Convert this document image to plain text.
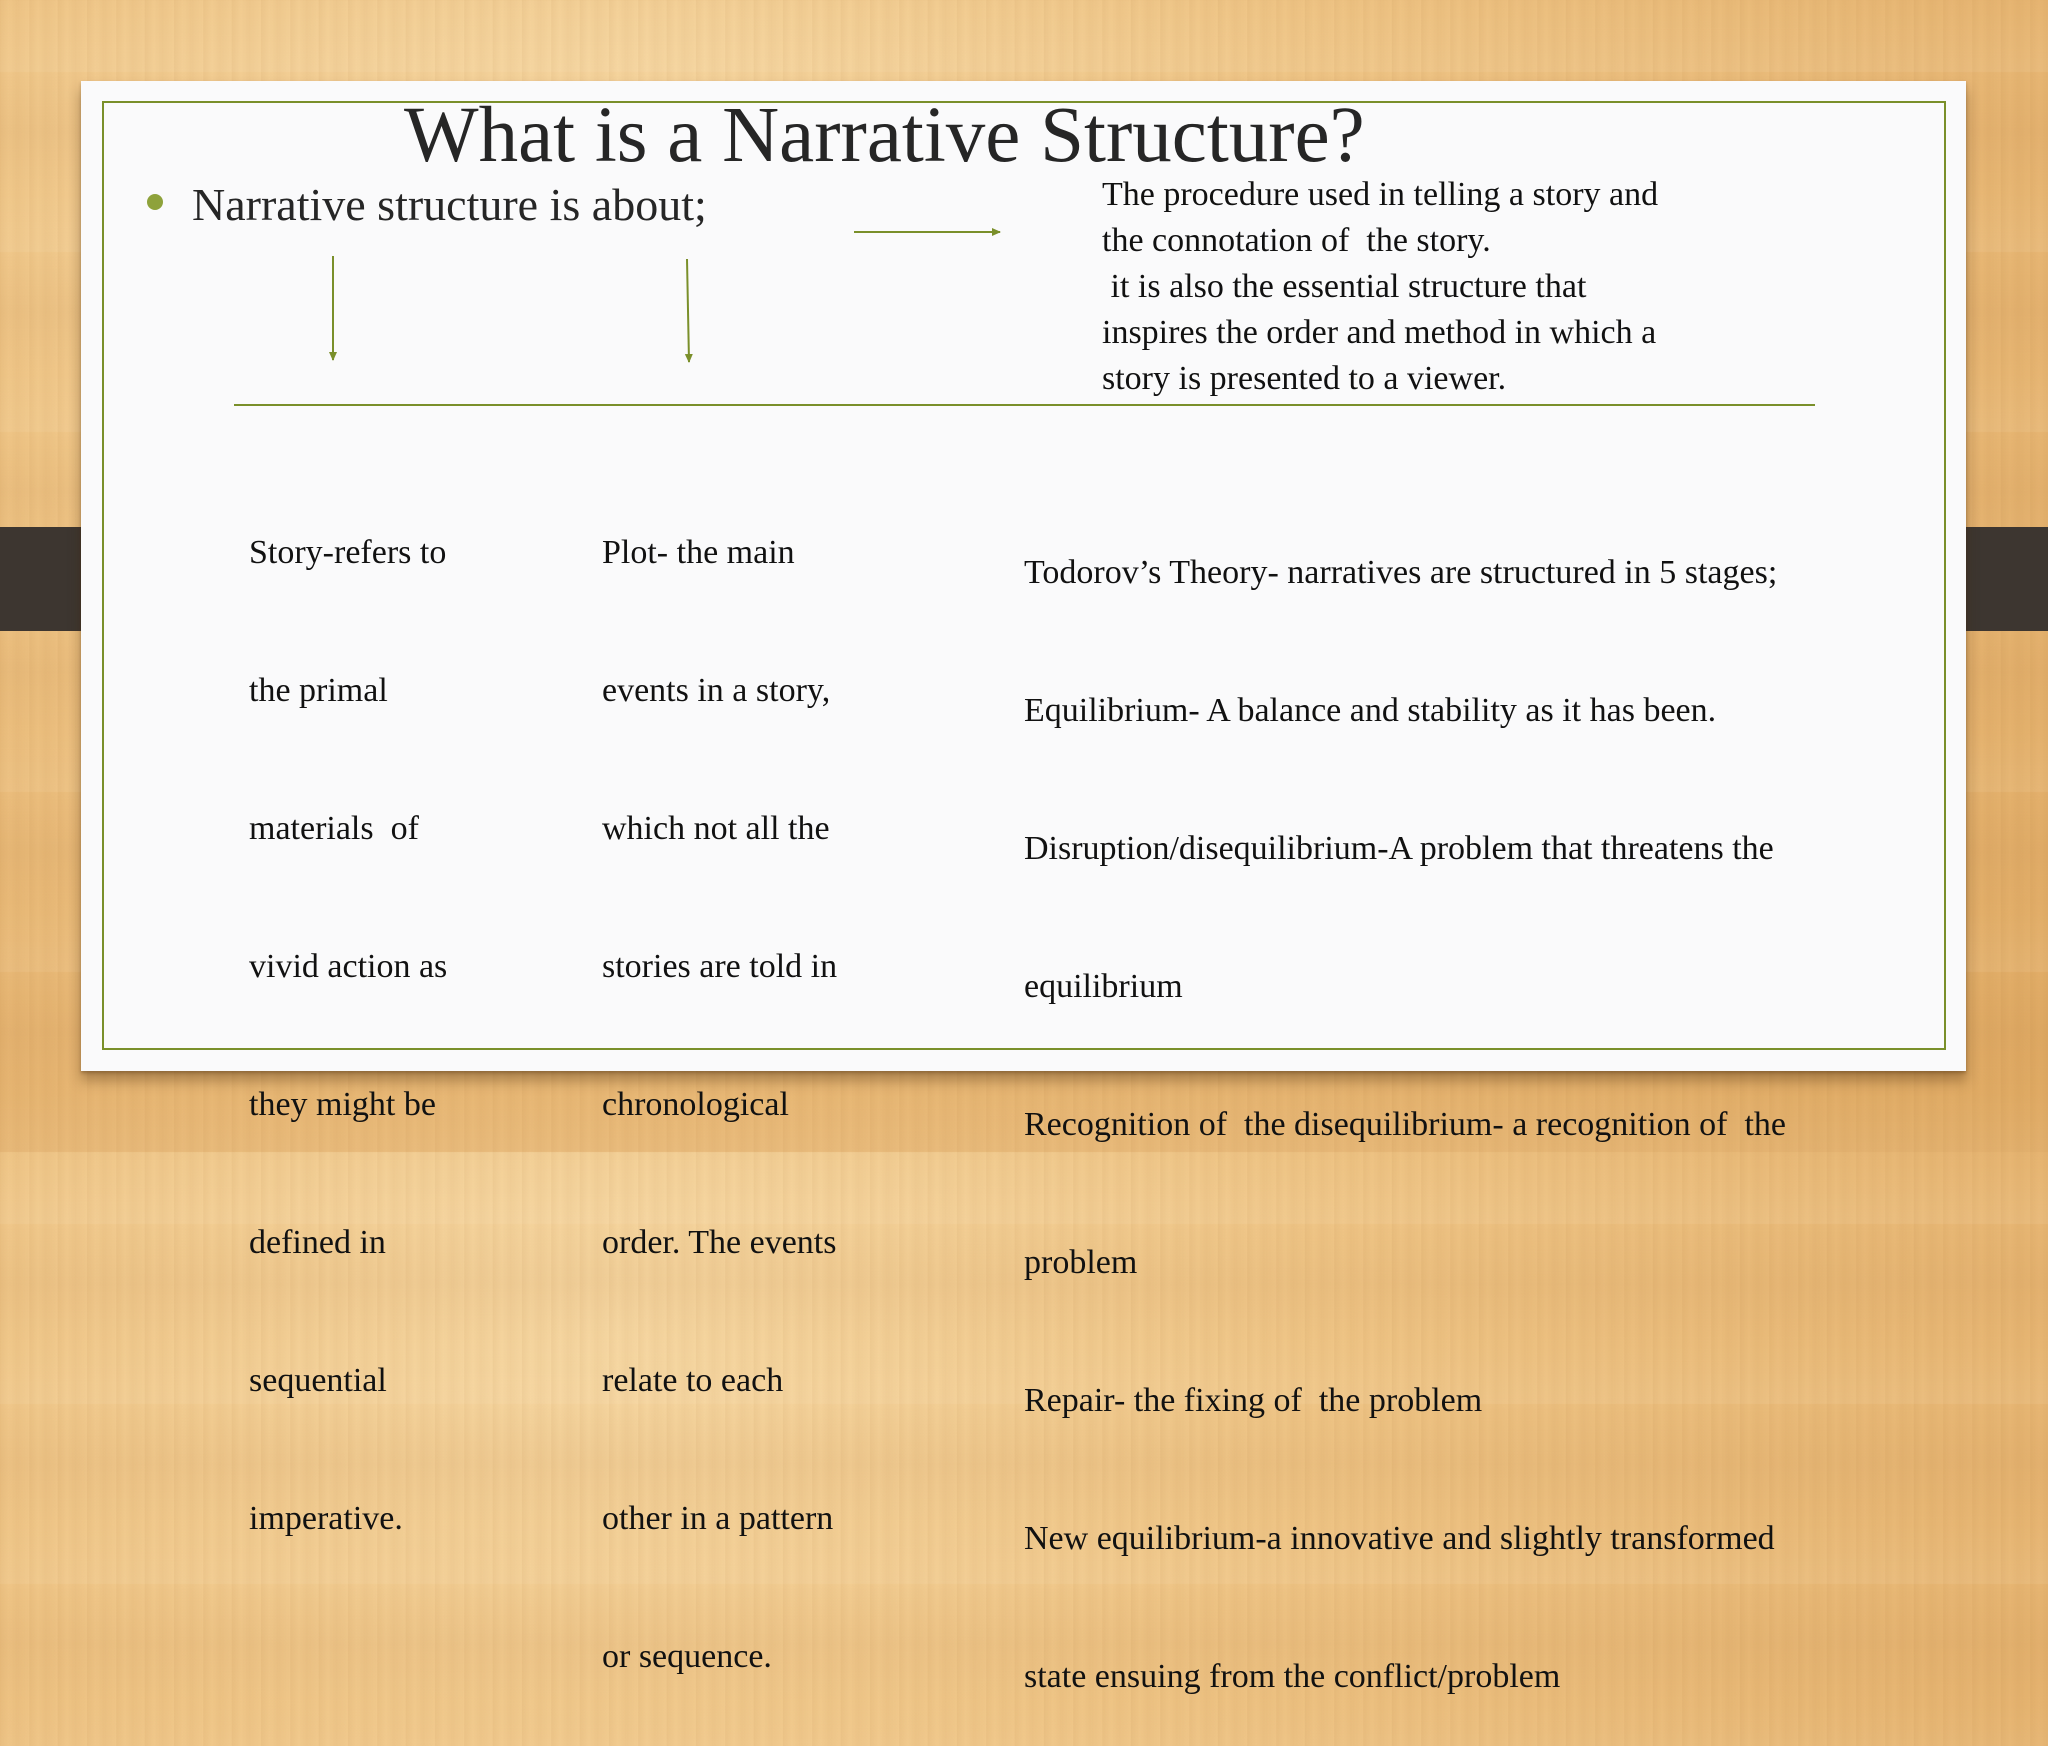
What is a Narrative Structure?
Narrative structure is about;	The procedure used in telling a story and
the connotation of  the story.
it is also the essential structure that
inspires the order and method in which a
story is presented to a viewer.

Story-refers to

the primal

materials  of

vivid action as

they might be

defined in

sequential

imperative.

Plot- the main

events in a story,

which not all the

stories are told in

chronological

order. The events

relate to each

other in a pattern

or sequence.

Todorov’s Theory- narratives are structured in 5 stages;

Equilibrium- A balance and stability as it has been.

Disruption/disequilibrium-A problem that threatens the

equilibrium

Recognition of  the disequilibrium- a recognition of  the

problem

Repair- the fixing of  the problem

New equilibrium-a innovative and slightly transformed

state ensuing from the conflict/problem
